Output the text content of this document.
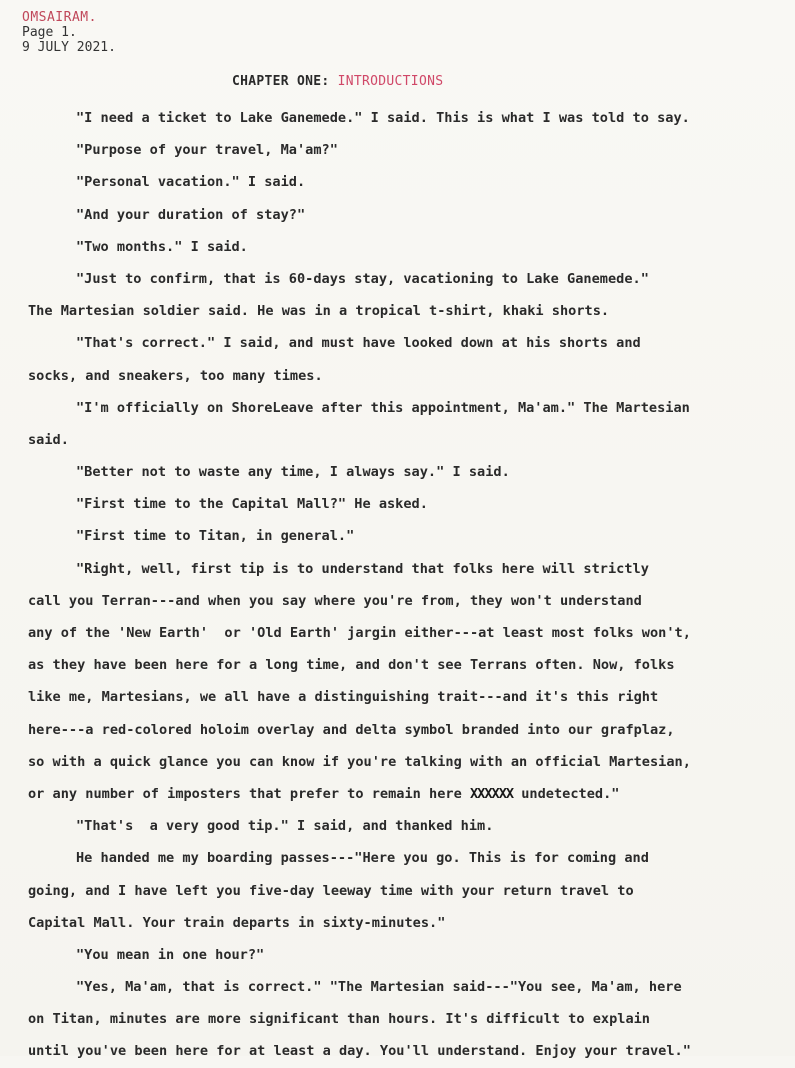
OMSAIRAM.
Page 1.
9 JULY 2021.
CHAPTER ONE: INTRODUCTIONS
"I need a ticket to Lake Ganemede." I said. This is what I was told to say.
"Purpose of your travel, Ma'am?"
"Personal vacation." I said.
"And your duration of stay?"
"Two months." I said.
"Just to confirm, that is 60-days stay, vacationing to Lake Ganemede."
The Martesian soldier said. He was in a tropical t-shirt, khaki shorts.
"That's correct." I said, and must have looked down at his shorts and
socks, and sneakers, too many times.
"I'm officially on ShoreLeave after this appointment, Ma'am." The Martesian
said.
"Better not to waste any time, I always say." I said.
"First time to the Capital Mall?" He asked.
"First time to Titan, in general."
"Right, well, first tip is to understand that folks here will strictly
call you Terran---and when you say where you're from, they won't understand
any of the 'New Earth'  or 'Old Earth' jargin either---at least most folks won't,
as they have been here for a long time, and don't see Terrans often. Now, folks
like me, Martesians, we all have a distinguishing trait---and it's this right
here---a red-colored holoim overlay and delta symbol branded into our grafplaz,
so with a quick glance you can know if you're talking with an official Martesian,
or any number of imposters that prefer to remain here XXXXXX undetected."
"That's  a very good tip." I said, and thanked him.
He handed me my boarding passes---"Here you go. This is for coming and
going, and I have left you five-day leeway time with your return travel to
Capital Mall. Your train departs in sixty-minutes."
"You mean in one hour?"
"Yes, Ma'am, that is correct." "The Martesian said---"You see, Ma'am, here
on Titan, minutes are more significant than hours. It's difficult to explain
until you've been here for at least a day. You'll understand. Enjoy your travel."
